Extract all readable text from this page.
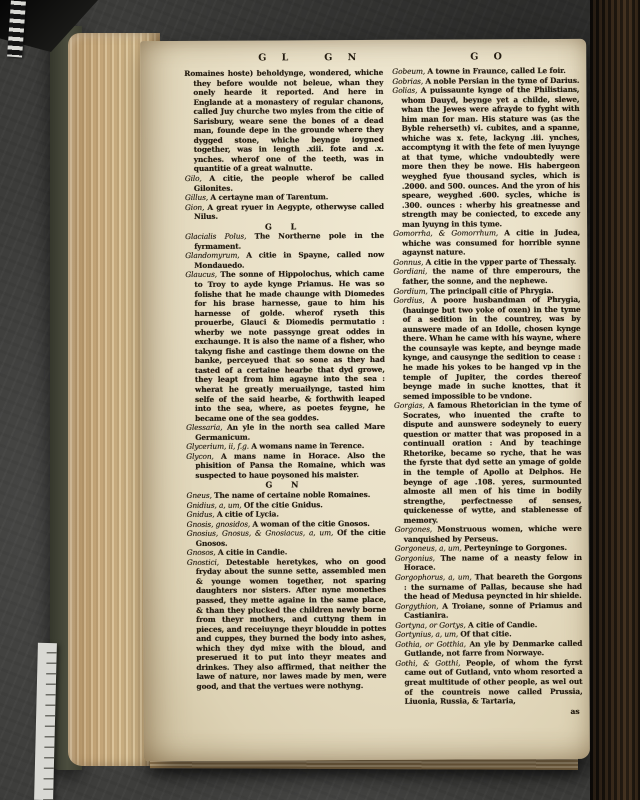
G L	G N	G O

Romaines hoste) beholdynge, wondered, whiche they before woulde not beleue, whan they onely hearde it reported. And here in Englande at a monastery of regular chanons, called Juy churche two myles from the citie of Sarisbury, weare sene the bones of a dead man, founde depe in the grounde where they dygged stone, whiche beynge ioygned together, was in length .xiii. fote and .x. ynches. wherof one of the teeth, was in quantitie of a great walnutte.

Gilo, A citie, the people wherof be called Gilonites.

Gillus, A certayne man of Tarentum.

Gion, A great ryuer in Aegypte, otherwyse called Nilus.

G L

Glacialis Polus, The Northerne pole in the fyrmament.

Glandomyrum, A citie in Spayne, called now Mondauedo.

Glaucus, The sonne of Hippolochus, which came to Troy to ayde kynge Priamus. He was so folishe that he made chaunge with Diomedes for his brase harnesse, gaue to him his harnesse of golde. wherof ryseth this prouerbe, Glauci & Diomedis permutatio : wherby we note passynge great oddes in exchaunge. It is also the name of a fisher, who takyng fishe and castinge them downe on the banke, perceyued that so sone as they had tasted of a certaine hearbe that dyd growe, they leapt from him agayne into the sea : wherat he greatly meruailynge, tasted him selfe of the said hearbe, & forthwith leaped into the sea, where, as poetes feygne, he became one of the sea goddes.

Glessaria, An yle in the north sea called Mare Germanicum.

Glycerium, ii, f.g. A womans name in Terence.

Glycon, A mans name in Horace. Also the phisition of Pansa the Romaine, which was suspected to haue poysoned his maister.

G N

Gneus, The name of certaine noble Romaines.

Gnidius, a, um, Of the citie Gnidus.

Gnidus, A citie of Lycia.

Gnosis, gnosidos, A woman of the citie Gnosos.

Gnosius, Gnosus, & Gnosiacus, a, um, Of the citie Gnosos.

Gnosos, A citie in Candie.

Gnostici, Detestable heretykes, who on good fryday about the sunne sette, assembled men & younge women together, not sparing daughters nor sisters. After nyne monethes passed, they mette againe in the same place, & than they plucked the children newly borne from theyr mothers, and cuttyng them in pieces, and receiuynge theyr bloudde in pottes and cuppes, they burned the body into ashes, which they dyd mixe with the bloud, and preserued it to put into theyr meates and drinkes. They also affirmed, that neither the lawe of nature, nor lawes made by men, were good, and that the vertues were nothyng.

Gobeum, A towne in Fraunce, called Le foir.

Gobrias, A noble Persian in the tyme of Darius.

Golias, A puissaunte kynge of the Philistians, whom Dauyd, beynge yet a childe, slewe, whan the Jewes were afrayde to fyght with him man for man. His stature was (as the Byble reherseth) vi. cubites, and a spanne, whiche was x. fete, lackyng .iii. ynches, accomptyng it with the fete of men lyuynge at that tyme, whiche vndoubtedly were more then they be nowe. His habergeon weyghed fyue thousand sycles, which is .2000. and 500. ounces. And the yron of his speare, weyghed .600. sycles, whiche is .300. ounces : wherby his greatnesse and strength may be coniected, to excede any man lyuyng in this tyme.

Gomorrha, & Gomorrhum, A citie in Judea, whiche was consumed for horrible synne agaynst nature.

Gonnus, A citie in the vpper parte of Thessaly.

Gordiani, the name of thre emperours, the father, the sonne, and the nephewe.

Gordium, The principall citie of Phrygia.

Gordius, A poore husbandman of Phrygia, (hauinge but two yoke of oxen) in the tyme of a sedition in the countrey, was by aunswere made of an Idolle, chosen kynge there. Whan he came with his wayne, where the counsayle was kepte, and beynge made kynge, and causynge the sedition to cease : he made his yokes to be hanged vp in the temple of Jupiter, the cordes thereof beynge made in suche knottes, that it semed impossible to be vndone.

Gorgias, A famous Rhetorician in the tyme of Socrates, who inuented the crafte to dispute and aunswere sodeynely to euery question or matter that was proposed in a continuall oration : And by teachinge Rhetorike, became so ryche, that he was the fyrste that dyd sette an ymage of golde in the temple of Apollo at Delphos. He beynge of age .108. yeres, surmounted almoste all men of his time in bodily strengthe, perfectnesse of senses, quickenesse of wytte, and stablenesse of memory.

Gorgones, Monstruous women, whiche were vanquished by Perseus.

Gorgoneus, a, um, Perteyninge to Gorgones.

Gorgonius, The name of a neasty felow in Horace.

Gorgophorus, a, um, That beareth the Gorgons : the surname of Pallas, because she had the head of Medusa peyncted in hir shielde.

Gorgythion, A Troiane, sonne of Priamus and Castianira.

Gortyna, or Gortys, A citie of Candie.

Gortynius, a, um, Of that citie.

Gothia, or Gotthia, An yle by Denmarke called Gutlande, not farre from Norwaye.

Gothi, & Gotthi, People, of whom the fyrst came out of Gutland, vnto whom resorted a great multitude of other people, as wel out of the countreis nowe called Prussia, Liuonia, Russia, & Tartaria,

as
